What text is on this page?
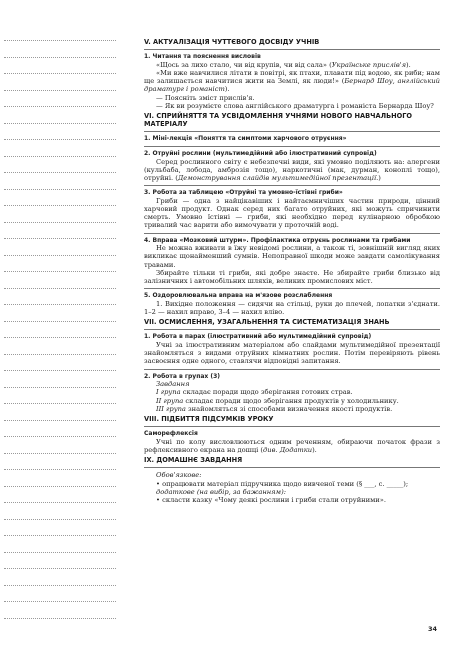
V. АКТУАЛІЗАЦІЯ ЧУТТЄВОГО ДОСВІДУ УЧНІВ
1. Читання та пояснення висловів

«Щось за лихо стало, чи від крупів, чи від сала» (Українське прислів'я).

«Ми вже навчилися літати в повітрі, як птахи, плавати під водою, як риби; нам ще залишається навчитися жити на Землі, як люди!» (Бернард Шоу, англійський драматург і романіст).

— Поясніть зміст прислів'я.

— Як ви розумієте слова англійського драматурга і романіста Бернарда Шоу?

VI. СПРИЙНЯТТЯ ТА УСВІДОМЛЕННЯ УЧНЯМИ НОВОГО НАВЧАЛЬНОГО МАТЕРІАЛУ
1. Міні-лекція «Поняття та симптоми харчового отруєння»
2. Отруйні рослини (мультимедійний або ілюстративний супровід)

Серед рослинного світу є небезпечні види, які умовно поділяють на: алергени (кульбаба, лобода, амброзія тощо), наркотичні (мак, дурман, коноплі тощо), отруйні. (Демонстрування слайдів мультимедійної презентації.)

3. Робота за таблицею «Отруйні та умовно-їстівні гриби»

Гриби — одна з найцікавіших і найтаємничіших частин природи, цінний харчовий продукт. Однак серед них багато отруйних, які можуть спричинити смерть. Умовно їстівні — гриби, які необхідно перед кулінарною обробкою тривалий час варити або вимочувати у проточній воді.

4. Вправа «Мозковий штурм». Профілактика отруєнь рослинами та грибами

Не можна вживати в їжу невідомі рослини, а також ті, зовнішній вигляд яких викликає щонайменший сумнів. Непоправної шкоди може завдати самолікування травами.

Збирайте тільки ті гриби, які добре знаєте. Не збирайте гриби близько від залізничних і автомобільних шляхів, великих промислових міст.

5. Оздоровлювальна вправа на м'язове розслаблення

1. Вихідне положення — сидячи на стільці, руки до плечей, лопатки з'єднати. 1–2 — нахил вправо, 3–4 — нахил вліво.

VII. ОСМИСЛЕННЯ, УЗАГАЛЬНЕННЯ ТА СИСТЕМАТИЗАЦІЯ ЗНАНЬ
1. Робота в парах (ілюстративний або мультимедійний супровід)

Учні за ілюстративним матеріалом або слайдами мультимедійної презентації знайомляться з видами отруйних кімнатних рослин. Потім перевіряють рівень засвоєння одне одного, ставлячи відповідні запитання.

2. Робота в групах (3)

Завдання

І група складає поради щодо зберігання готових страв.

ІІ група складає поради щодо зберігання продуктів у холодильнику.

ІІІ група знайомляться зі способами визначення якості продуктів.

VIII. ПІДБИТТЯ ПІДСУМКІВ УРОКУ
Саморефлексія

Учні по колу висловлюються одним реченням, обираючи початок фрази з рефлексивного екрана на дошці (див. Додатки).

IX. ДОМАШНЄ ЗАВДАННЯ

Обов'язкове:

• опрацювати матеріал підручника щодо вивченої теми (§ ___, с. _____);

додаткове (на вибір, за бажанням):

• скласти казку «Чому деякі рослини і гриби стали отруйними».

34
